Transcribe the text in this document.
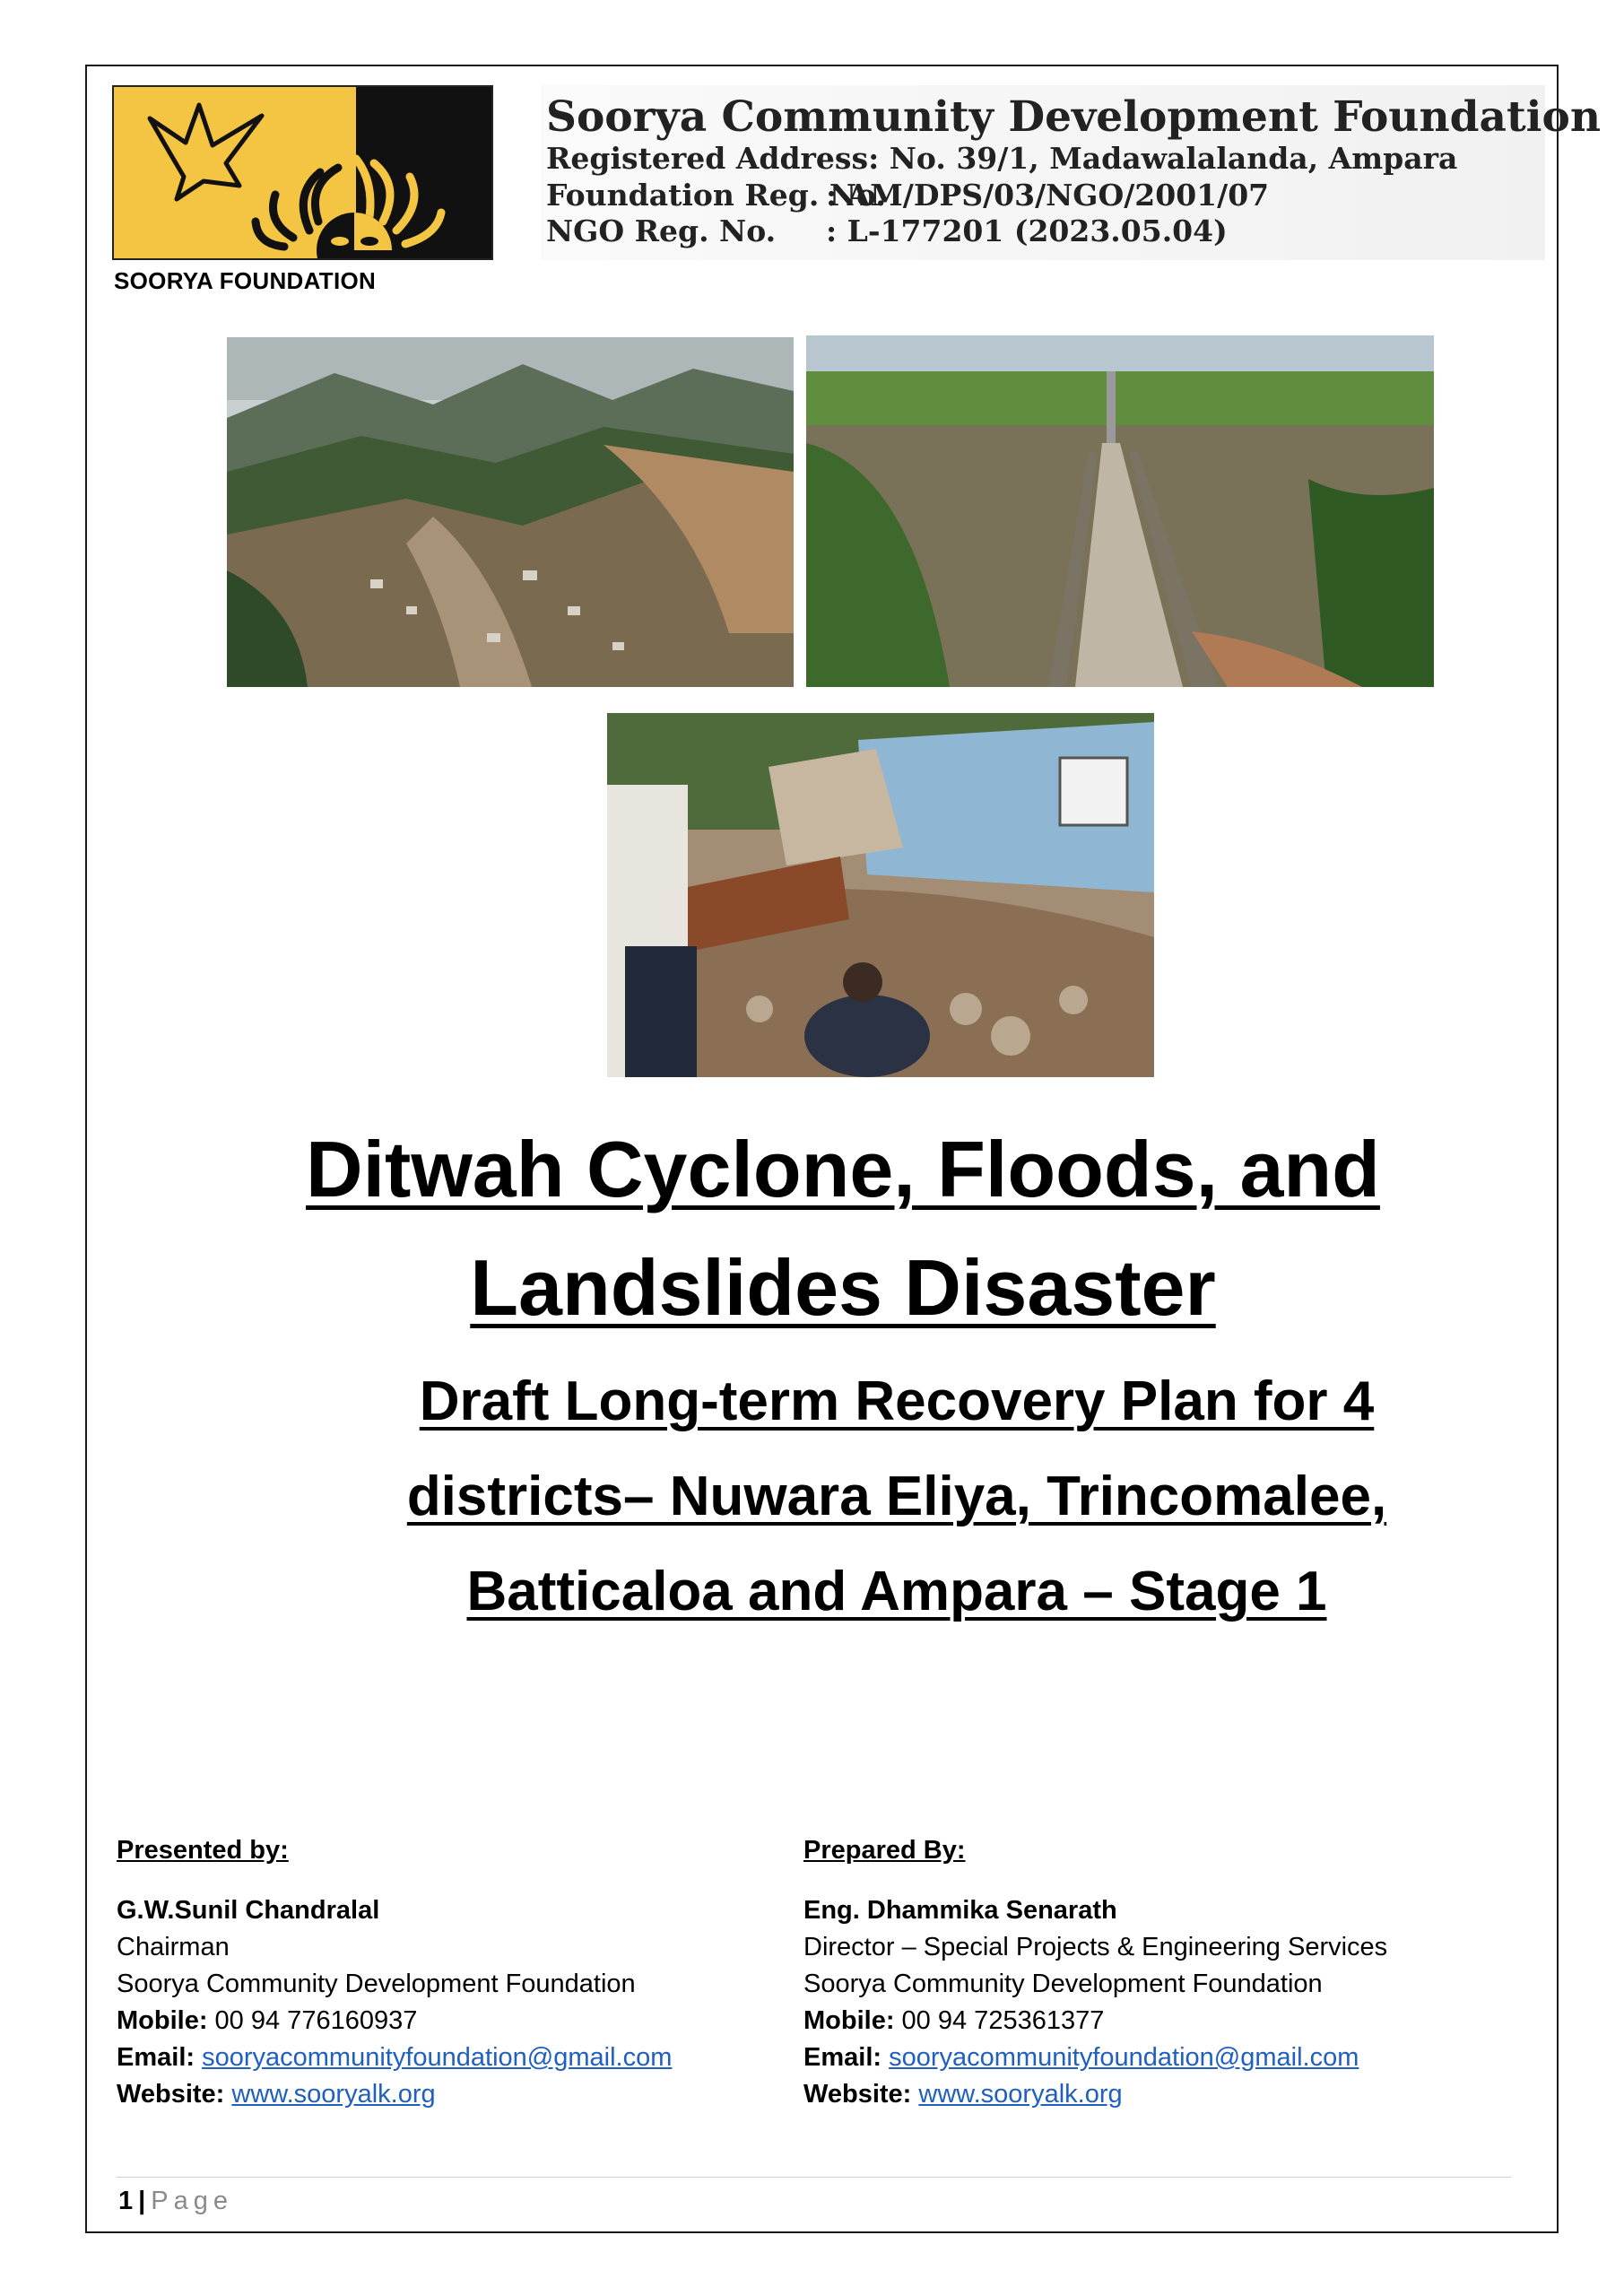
SOORYA FOUNDATION
Soorya Community Development Foundation
Registered Address: No. 39/1, Madawalalanda, Ampara
Foundation Reg. No.: AM/DPS/03/NGO/2001/07
NGO Reg. No. : L-177201 (2023.05.04)
Ditwah Cyclone, Floods, and
Landslides Disaster
Draft Long-term Recovery Plan for 4
districts– Nuwara Eliya, Trincomalee,
Batticaloa and Ampara – Stage 1
Presented by:
G.W.Sunil Chandralal
Chairman
Soorya Community Development Foundation
Mobile: 00 94 776160937
Email: sooryacommunityfoundation@gmail.com
Website: www.sooryalk.org
Prepared By:
Eng. Dhammika Senarath
Director – Special Projects & Engineering Services
Soorya Community Development Foundation
Mobile: 00 94 725361377
Email: sooryacommunityfoundation@gmail.com
Website: www.sooryalk.org
1 | Page
